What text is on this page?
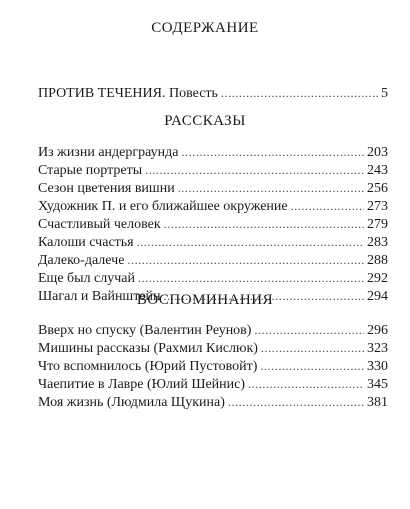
СОДЕРЖАНИЕ
ПРОТИВ ТЕЧЕНИЯ. Повесть . . .	5
РАССКАЗЫ
Из жизни андерграунда . . .	203
Старые портреты . . .	243
Сезон цветения вишни . . .	256
Художник П. и его ближайшее окружение . . .	273
Счастливый человек . . .	279
Калоши счастья . . .	283
Далеко-далече . . .	288
Еще был случай . . .	292
Шагал и Вайнштейн . . .	294
ВОСПОМИНАНИЯ
Вверх но спуску (Валентин Реунов) . . .	296
Мишины рассказы (Рахмил Кислюк) . . .	323
Что вспомнилось (Юрий Пустовойт) . . .	330
Чаепитие в Лавре (Юлий Шейнис) . . .	345
Моя жизнь (Людмила Щукина) . . .	381
